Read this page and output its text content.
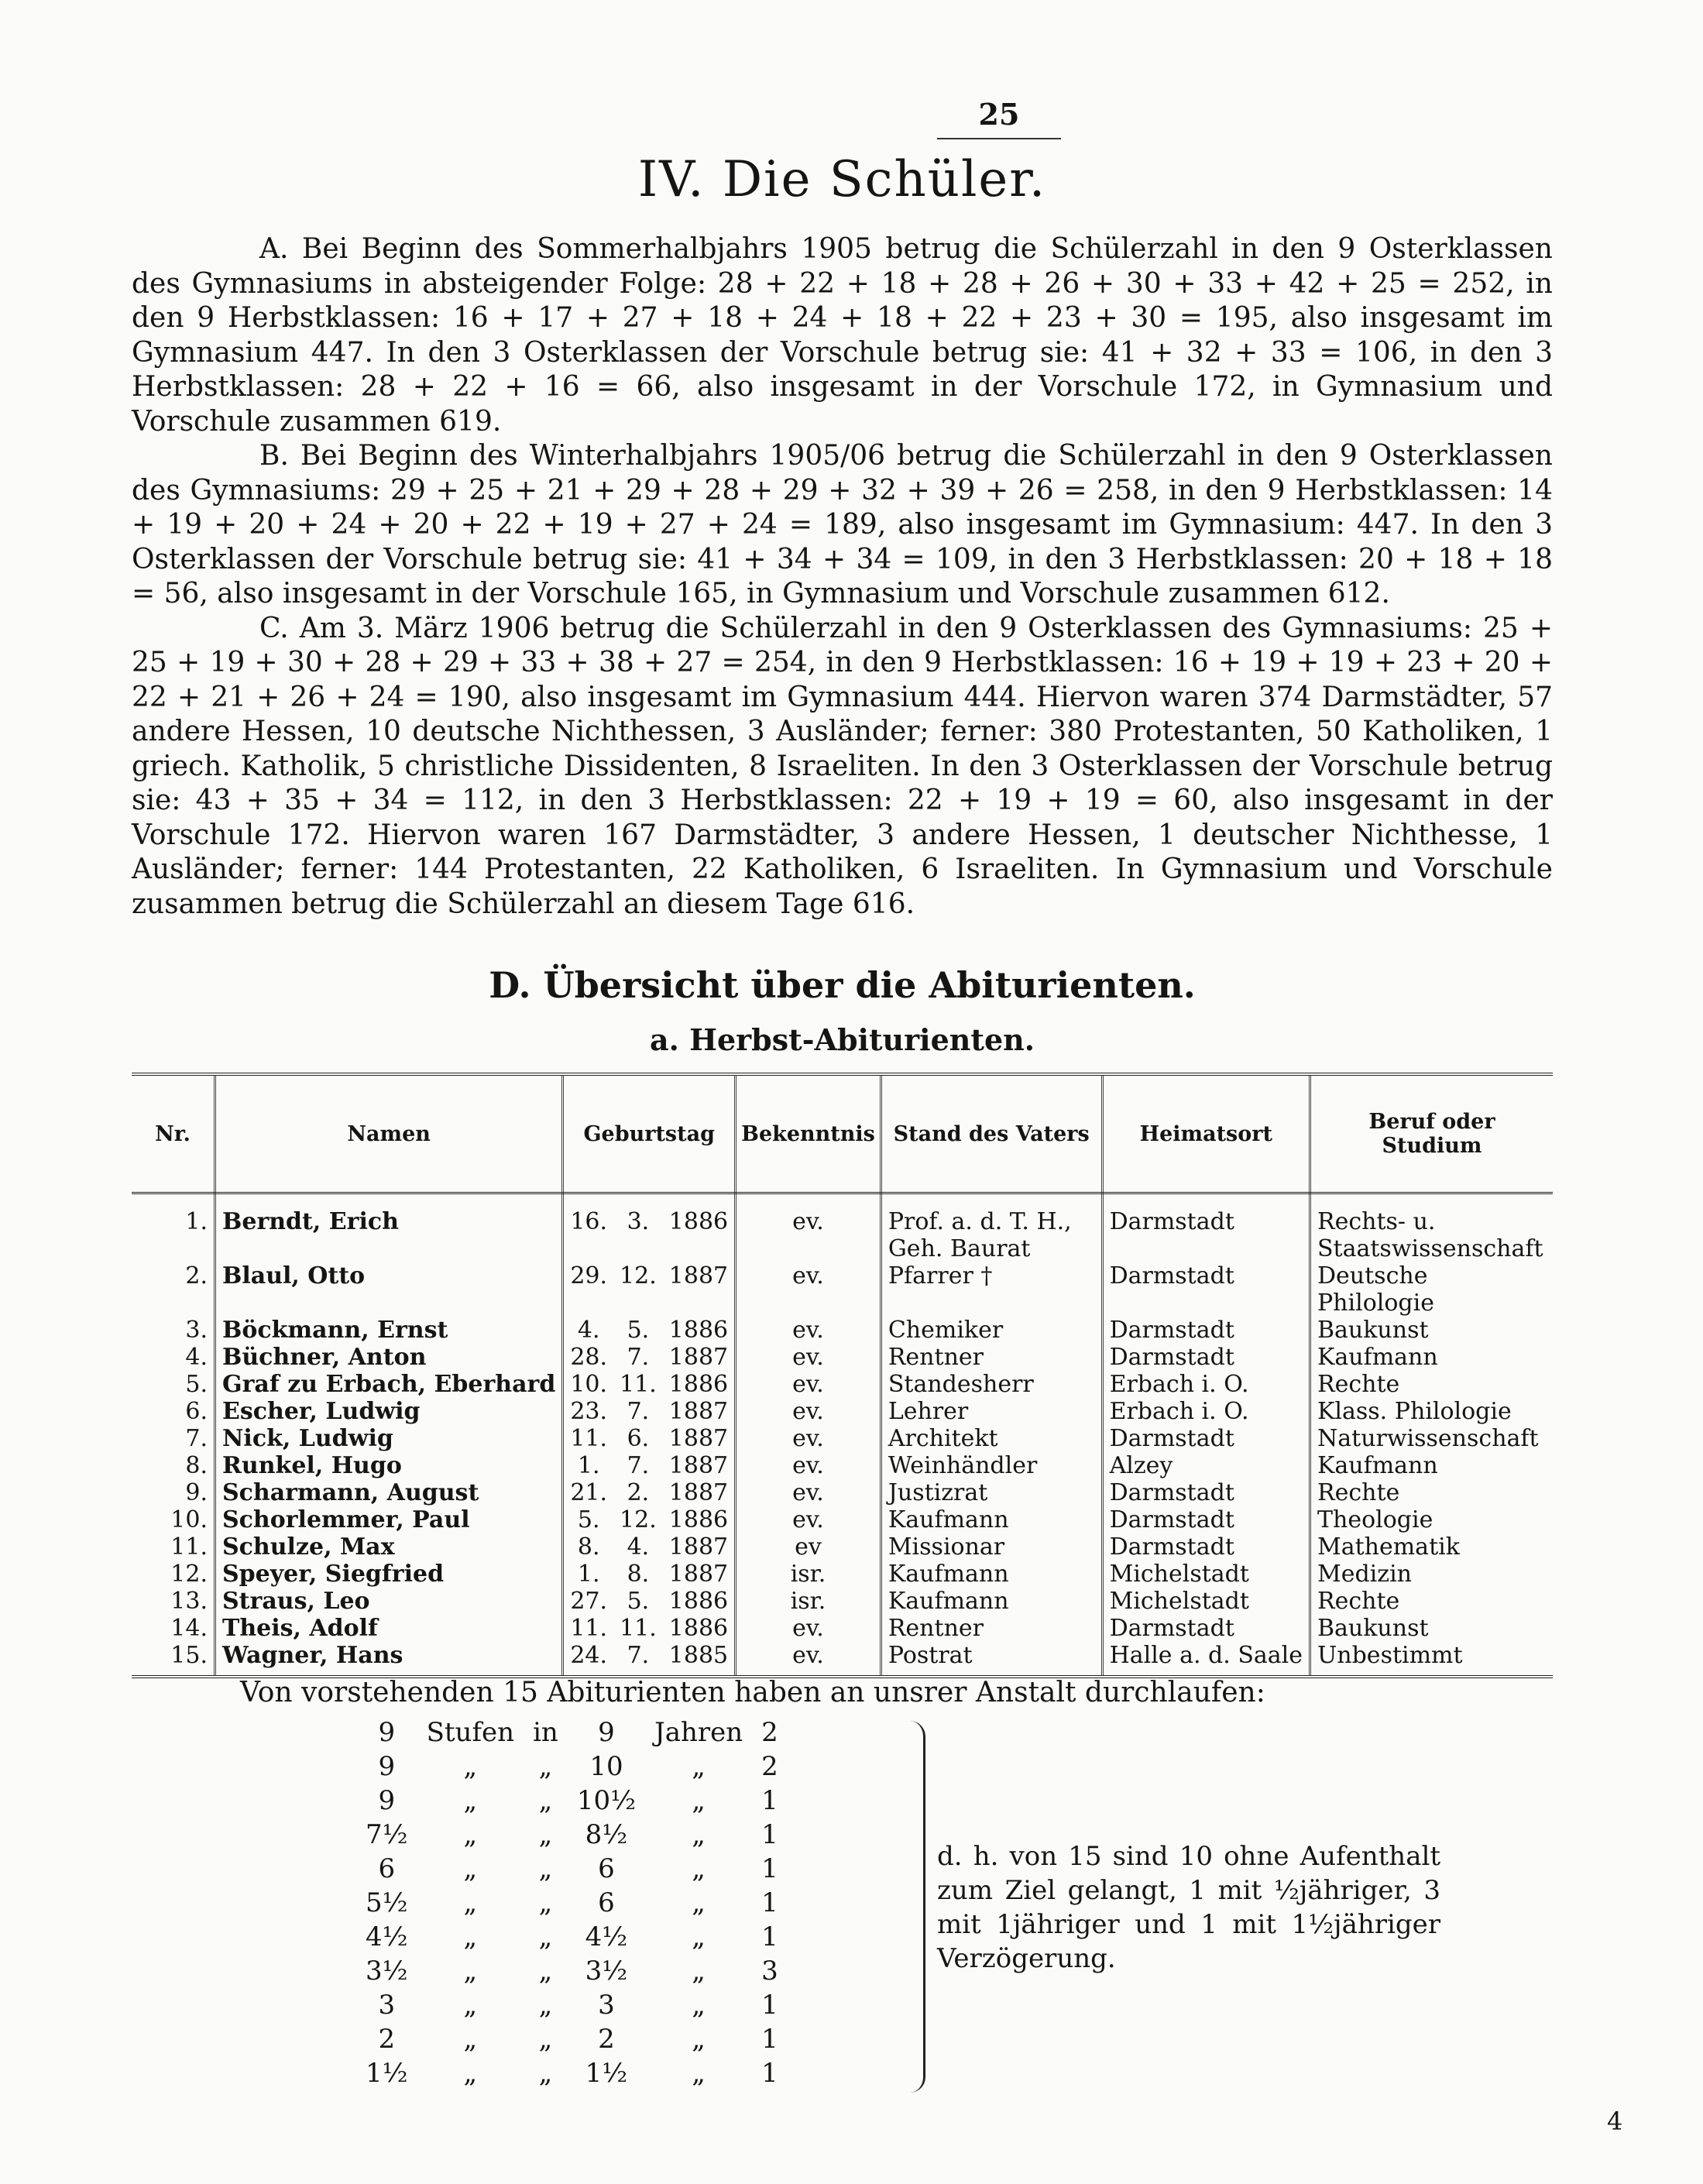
25
IV. Die Schüler.

A. Bei Beginn des Sommerhalbjahrs 1905 betrug die Schülerzahl in den 9 Osterklassen des Gymnasiums in absteigender Folge: 28 + 22 + 18 + 28 + 26 + 30 + 33 + 42 + 25 = 252, in den 9 Herbstklassen: 16 + 17 + 27 + 18 + 24 + 18 + 22 + 23 + 30 = 195, also insgesamt im Gymnasium 447. In den 3 Osterklassen der Vorschule betrug sie: 41 + 32 + 33 = 106, in den 3 Herbstklassen: 28 + 22 + 16 = 66, also insgesamt in der Vorschule 172, in Gymnasium und Vorschule zusammen 619.

B. Bei Beginn des Winterhalbjahrs 1905/06 betrug die Schülerzahl in den 9 Osterklassen des Gymnasiums: 29 + 25 + 21 + 29 + 28 + 29 + 32 + 39 + 26 = 258, in den 9 Herbstklassen: 14 + 19 + 20 + 24 + 20 + 22 + 19 + 27 + 24 = 189, also insgesamt im Gymnasium: 447. In den 3 Osterklassen der Vorschule betrug sie: 41 + 34 + 34 = 109, in den 3 Herbstklassen: 20 + 18 + 18 = 56, also insgesamt in der Vorschule 165, in Gymnasium und Vorschule zusammen 612.

C. Am 3. März 1906 betrug die Schülerzahl in den 9 Osterklassen des Gymnasiums: 25 + 25 + 19 + 30 + 28 + 29 + 33 + 38 + 27 = 254, in den 9 Herbstklassen: 16 + 19 + 19 + 23 + 20 + 22 + 21 + 26 + 24 = 190, also insgesamt im Gymnasium 444. Hiervon waren 374 Darmstädter, 57 andere Hessen, 10 deutsche Nichthessen, 3 Ausländer; ferner: 380 Protestanten, 50 Katholiken, 1 griech. Katholik, 5 christliche Dissidenten, 8 Israeliten. In den 3 Osterklassen der Vorschule betrug sie: 43 + 35 + 34 = 112, in den 3 Herbstklassen: 22 + 19 + 19 = 60, also insgesamt in der Vorschule 172. Hiervon waren 167 Darmstädter, 3 andere Hessen, 1 deutscher Nichthesse, 1 Ausländer; ferner: 144 Protestanten, 22 Katholiken, 6 Israeliten. In Gymnasium und Vorschule zusammen betrug die Schülerzahl an diesem Tage 616.

D. Übersicht über die Abiturienten.
a. Herbst-Abiturienten.
Nr.	Namen	Geburtstag			Bekenntnis	Stand des Vaters	Heimatsort	Beruf oder Studium
1.	Berndt, Erich	16.	3.	1886	ev.	Prof. a. d. T. H., Geh. Baurat	Darmstadt	Rechts- u. Staatswissenschaft
2.	Blaul, Otto	29.	12.	1887	ev.	Pfarrer †	Darmstadt	Deutsche Philologie
3.	Böckmann, Ernst	4.	5.	1886	ev.	Chemiker	Darmstadt	Baukunst
4.	Büchner, Anton	28.	7.	1887	ev.	Rentner	Darmstadt	Kaufmann
5.	Graf zu Erbach, Eberhard	10.	11.	1886	ev.	Standesherr	Erbach i. O.	Rechte
6.	Escher, Ludwig	23.	7.	1887	ev.	Lehrer	Erbach i. O.	Klass. Philologie
7.	Nick, Ludwig	11.	6.	1887	ev.	Architekt	Darmstadt	Naturwissenschaft
8.	Runkel, Hugo	1.	7.	1887	ev.	Weinhändler	Alzey	Kaufmann
9.	Scharmann, August	21.	2.	1887	ev.	Justizrat	Darmstadt	Rechte
10.	Schorlemmer, Paul	5.	12.	1886	ev.	Kaufmann	Darmstadt	Theologie
11.	Schulze, Max	8.	4.	1887	ev	Missionar	Darmstadt	Mathematik
12.	Speyer, Siegfried	1.	8.	1887	isr.	Kaufmann	Michelstadt	Medizin
13.	Straus, Leo	27.	5.	1886	isr.	Kaufmann	Michelstadt	Rechte
14.	Theis, Adolf	11.	11.	1886	ev.	Rentner	Darmstadt	Baukunst
15.	Wagner, Hans	24.	7.	1885	ev.	Postrat	Halle a. d. Saale	Unbestimmt
Von vorstehenden 15 Abiturienten haben an unsrer Anstalt durchlaufen:
9	Stufen	in	9	Jahren	2
9	„	„	10	„	2
9	„	„	10½	„	1
7½	„	„	8½	„	1
6	„	„	6	„	1
5½	„	„	6	„	1
4½	„	„	4½	„	1
3½	„	„	3½	„	3
3	„	„	3	„	1
2	„	„	2	„	1
1½	„	„	1½	„	1
d. h. von 15 sind 10 ohne Aufenthalt zum Ziel gelangt, 1 mit ½jähriger, 3 mit 1jähriger und 1 mit 1½jähriger Verzögerung.
4
